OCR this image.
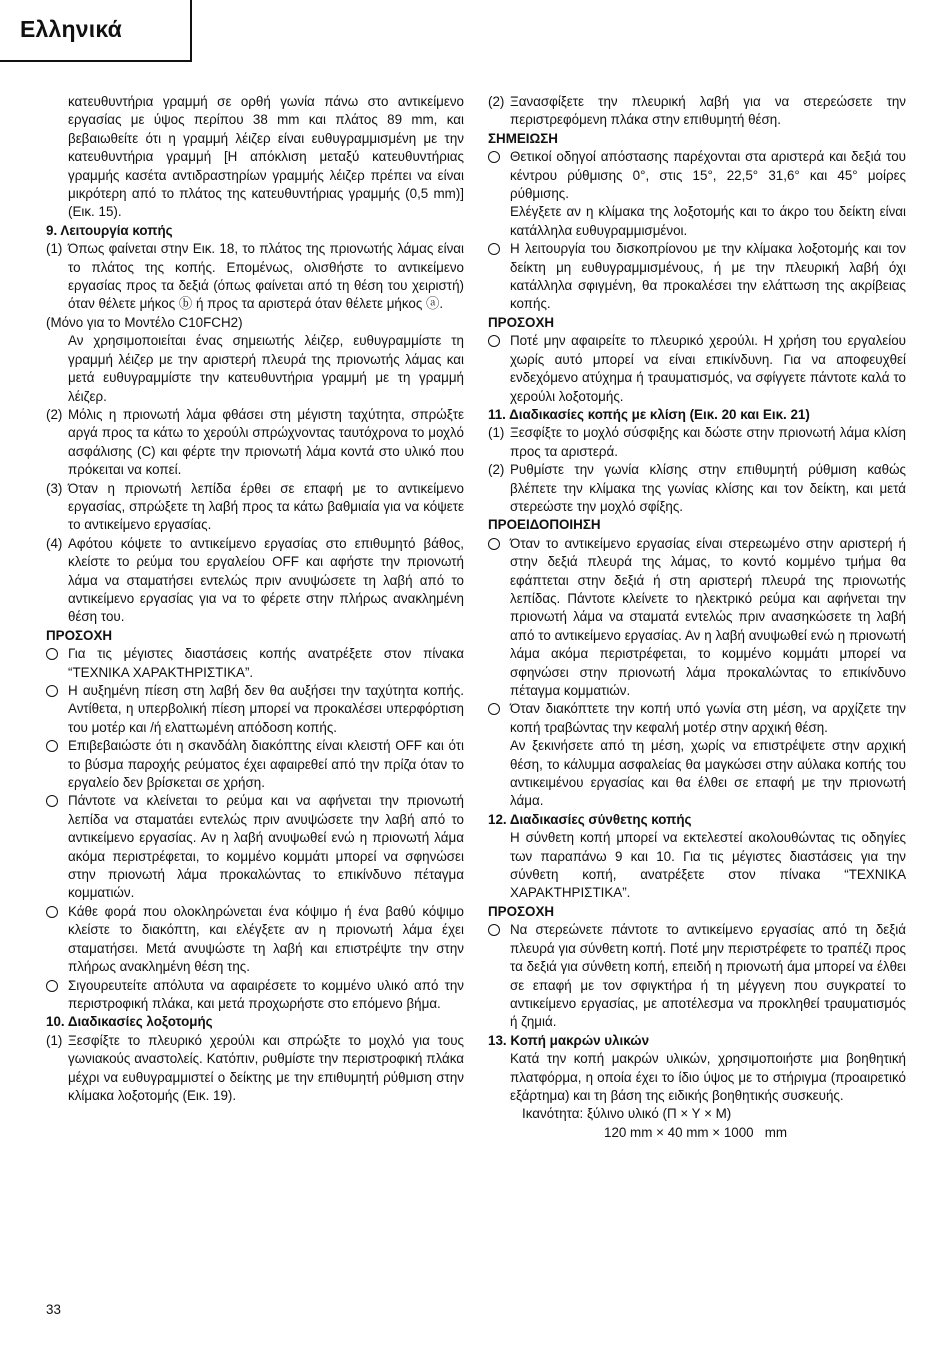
Ελληνικά
κατευθυντήρια γραμμή σε ορθή γωνία πάνω στο αντικείμενο εργασίας με ύψος περίπου 38 mm και πλάτος 89 mm, και βεβαιωθείτε ότι η γραμμή λέιζερ είναι ευθυγραμμισμένη με την κατευθυντήρια γραμμή [Η απόκλιση μεταξύ κατευθυντήριας γραμμής κασέτα αντιδραστηρίων γραμμής λέιζερ πρέπει να είναι μικρότερη από το πλάτος της κατευθυντήριας γραμμής (0,5 mm)] (Εικ. 15).
9. Λειτουργία κοπής
(1) Όπως φαίνεται στην Εικ. 18, το πλάτος της πριονωτής λάμας είναι το πλάτος της κοπής. Επομένως, ολισθήστε το αντικείμενο εργασίας προς τα δεξιά (όπως φαίνεται από τη θέση του χειριστή) όταν θέλετε μήκος ⓑ ή προς τα αριστερά όταν θέλετε μήκος ⓐ.
(Μόνο για το Μοντέλο C10FCH2)
Αν χρησιμοποιείται ένας σημειωτής λέιζερ, ευθυγραμμίστε τη γραμμή λέιζερ με την αριστερή πλευρά της πριονωτής λάμας και μετά ευθυγραμμίστε την κατευθυντήρια γραμμή με τη γραμμή λέιζερ.
(2) Μόλις η πριονωτή λάμα φθάσει στη μέγιστη ταχύτητα, σπρώξτε αργά προς τα κάτω το χερούλι σπρώχνοντας ταυτόχρονα το μοχλό ασφάλισης (C) και φέρτε την πριονωτή λάμα κοντά στο υλικό που πρόκειται να κοπεί.
(3) Όταν η πριονωτή λεπίδα έρθει σε επαφή με το αντικείμενο εργασίας, σπρώξετε τη λαβή προς τα κάτω βαθμιαία για να κόψετε το αντικείμενο εργασίας.
(4) Αφότου κόψετε το αντικείμενο εργασίας στο επιθυμητό βάθος, κλείστε το ρεύμα του εργαλείου OFF και αφήστε την πριονωτή λάμα να σταματήσει εντελώς πριν ανυψώσετε τη λαβή από το αντικείμενο εργασίας για να το φέρετε στην πλήρως ανακλημένη θέση του.
ΠΡΟΣΟΧΗ
Για τις μέγιστες διαστάσεις κοπής ανατρέξετε στον πίνακα “ΤΕΧΝΙΚΑ ΧΑΡΑΚΤΗΡΙΣΤΙΚΑ”.
Η αυξημένη πίεση στη λαβή δεν θα αυξήσει την ταχύτητα κοπής. Αντίθετα, η υπερβολική πίεση μπορεί να προκαλέσει υπερφόρτιση του μοτέρ και /ή ελαττωμένη απόδοση κοπής.
Επιβεβαιώστε ότι η σκανδάλη διακόπτης είναι κλειστή OFF και ότι το βύσμα παροχής ρεύματος έχει αφαιρεθεί από την πρίζα όταν το εργαλείο δεν βρίσκεται σε χρήση.
Πάντοτε να κλείνεται το ρεύμα και να αφήνεται την πριονωτή λεπίδα να σταματάει εντελώς πριν ανυψώσετε την λαβή από το αντικείμενο εργασίας. Αν η λαβή ανυψωθεί ενώ η πριονωτή λάμα ακόμα περιστρέφεται, το κομμένο κομμάτι μπορεί να σφηνώσει στην πριονωτή λάμα προκαλώντας το επικίνδυνο πέταγμα κομματιών.
Κάθε φορά που ολοκληρώνεται ένα κόψιμο ή ένα βαθύ κόψιμο κλείστε το διακόπτη, και ελέγξετε αν η πριονωτή λάμα έχει σταματήσει. Μετά ανυψώστε τη λαβή και επιστρέψτε την στην πλήρως ανακλημένη θέση της.
Σιγουρευτείτε απόλυτα να αφαιρέσετε το κομμένο υλικό από την περιστροφική πλάκα, και μετά προχωρήστε στο επόμενο βήμα.
10. Διαδικασίες λοξοτομής
(1) Ξεσφίξτε το πλευρικό χερούλι και σπρώξτε το μοχλό για τους γωνιακούς αναστολείς. Κατόπιν, ρυθμίστε την περιστροφική πλάκα μέχρι να ευθυγραμμιστεί ο δείκτης με την επιθυμητή ρύθμιση στην κλίμακα λοξοτομής (Εικ. 19).
(2) Ξανασφίξετε την πλευρική λαβή για να στερεώσετε την περιστρεφόμενη πλάκα στην επιθυμητή θέση.
ΣΗΜΕΙΩΣΗ
Θετικοί οδηγοί απόστασης παρέχονται στα αριστερά και δεξιά του κέντρου ρύθμισης 0°, στις 15°, 22,5° 31,6° και 45° μοίρες ρύθμισης.
Ελέγξετε αν η κλίμακα της λοξοτομής και το άκρο του δείκτη είναι κατάλληλα ευθυγραμμισμένοι.
Η λειτουργία του δισκοπρίονου με την κλίμακα λοξοτομής και τον δείκτη μη ευθυγραμμισμένους, ή με την πλευρική λαβή όχι κατάλληλα σφιγμένη, θα προκαλέσει την ελάττωση της ακρίβειας κοπής.
ΠΡΟΣΟΧΗ
Ποτέ μην αφαιρείτε το πλευρικό χερούλι. Η χρήση του εργαλείου χωρίς αυτό μπορεί να είναι επικίνδυνη. Για να αποφευχθεί ενδεχόμενο ατύχημα ή τραυματισμός, να σφίγγετε πάντοτε καλά το χερούλι λοξοτομής.
11. Διαδικασίες κοπής με κλίση (Εικ. 20 και Εικ. 21)
(1) Ξεσφίξτε το μοχλό σύσφιξης και δώστε στην πριονωτή λάμα κλίση προς τα αριστερά.
(2) Ρυθμίστε την γωνία κλίσης στην επιθυμητή ρύθμιση καθώς βλέπετε την κλίμακα της γωνίας κλίσης και τον δείκτη, και μετά στερεώστε την μοχλό σφίξης.
ΠΡΟΕΙΔΟΠΟΙΗΣΗ
Όταν το αντικείμενο εργασίας είναι στερεωμένο στην αριστερή ή στην δεξιά πλευρά της λάμας, το κοντό κομμένο τμήμα θα εφάπτεται στην δεξιά ή στη αριστερή πλευρά της πριονωτής λεπίδας. Πάντοτε κλείνετε το ηλεκτρικό ρεύμα και αφήνεται την πριονωτή λάμα να σταματά εντελώς πριν ανασηκώσετε τη λαβή από το αντικείμενο εργασίας. Αν η λαβή ανυψωθεί ενώ η πριονωτή λάμα ακόμα περιστρέφεται, το κομμένο κομμάτι μπορεί να σφηνώσει στην πριονωτή λάμα προκαλώντας το επικίνδυνο πέταγμα κομματιών.
Όταν διακόπτετε την κοπή υπό γωνία στη μέση, να αρχίζετε την κοπή τραβώντας την κεφαλή μοτέρ στην αρχική θέση.
Αν ξεκινήσετε από τη μέση, χωρίς να επιστρέψετε στην αρχική θέση, το κάλυμμα ασφαλείας θα μαγκώσει στην αύλακα κοπής του αντικειμένου εργασίας και θα έλθει σε επαφή με την πριονωτή λάμα.
12. Διαδικασίες σύνθετης κοπής
Η σύνθετη κοπή μπορεί να εκτελεστεί ακολουθώντας τις οδηγίες των παραπάνω 9 και 10. Για τις μέγιστες διαστάσεις για την σύνθετη κοπή, ανατρέξετε στον πίνακα “ΤΕΧΝΙΚΑ ΧΑΡΑΚΤΗΡΙΣΤΙΚΑ”.
ΠΡΟΣΟΧΗ
Να στερεώνετε πάντοτε το αντικείμενο εργασίας από τη δεξιά πλευρά για σύνθετη κοπή. Ποτέ μην περιστρέφετε το τραπέζι προς τα δεξιά για σύνθετη κοπή, επειδή η πριονωτή άμα μπορεί να έλθει σε επαφή με τον σφιγκτήρα ή τη μέγγενη που συγκρατεί το αντικείμενο εργασίας, με αποτέλεσμα να προκληθεί τραυματισμός ή ζημιά.
13. Κοπή μακρών υλικών
Κατά την κοπή μακρών υλικών, χρησιμοποιήστε μια βοηθητική πλατφόρμα, η οποία έχει το ίδιο ύψος με το στήριγμα (προαιρετικό εξάρτημα) και τη βάση της ειδικής βοηθητικής συσκευής.
Ικανότητα: ξύλινο υλικό (Π × Υ × Μ)
120 mm × 40 mm × 1000   mm
33
